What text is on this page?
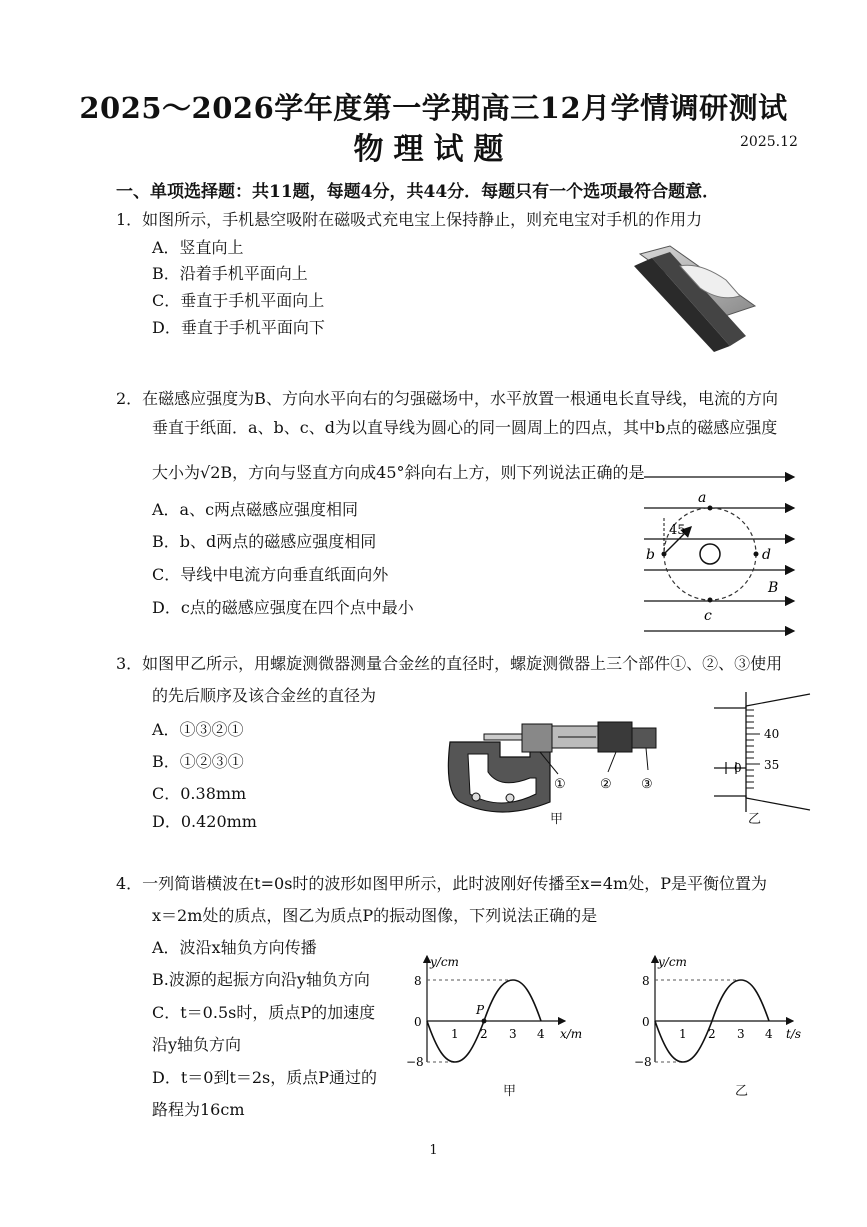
2025～2026学年度第一学期高三12月学情调研测试
物理试题	2025.12
一、单项选择题：共11题，每题4分，共44分．每题只有一个选项最符合题意．
1．如图所示，手机悬空吸附在磁吸式充电宝上保持静止，则充电宝对手机的作用力
A．竖直向上
B．沿着手机平面向上
C．垂直于手机平面向上
D．垂直于手机平面向下
2．在磁感应强度为B、方向水平向右的匀强磁场中，水平放置一根通电长直导线，电流的方向
垂直于纸面．a、b、c、d为以直导线为圆心的同一圆周上的四点，其中b点的磁感应强度
大小为√2B，方向与竖直方向成45°斜向右上方，则下列说法正确的是
A．a、c两点磁感应强度相同
B．b、d两点的磁感应强度相同
C．导线中电流方向垂直纸面向外
D．c点的磁感应强度在四个点中最小
45
a
b	d
c
B
3．如图甲乙所示，用螺旋测微器测量合金丝的直径时，螺旋测微器上三个部件①、②、③使用
的先后顺序及该合金丝的直径为
A．①③②①
B．①②③①
C．0.38mm
D．0.420mm
①	② ③
甲
0
40
35
乙
4．一列简谐横波在t=0s时的波形如图甲所示，此时波刚好传播至x=4m处，P是平衡位置为
x＝2m处的质点，图乙为质点P的振动图像，下列说法正确的是
A．波沿x轴负方向传播
B.波源的起振方向沿y轴负方向
C．t＝0.5s时，质点P的加速度
沿y轴负方向
D．t＝0到t＝2s，质点P通过的
路程为16cm
y/cm
8
0
−8
1 2 3 4
P
x/m
甲
y/cm
8
0
−8
1 2 3 4 t/s
乙
1
